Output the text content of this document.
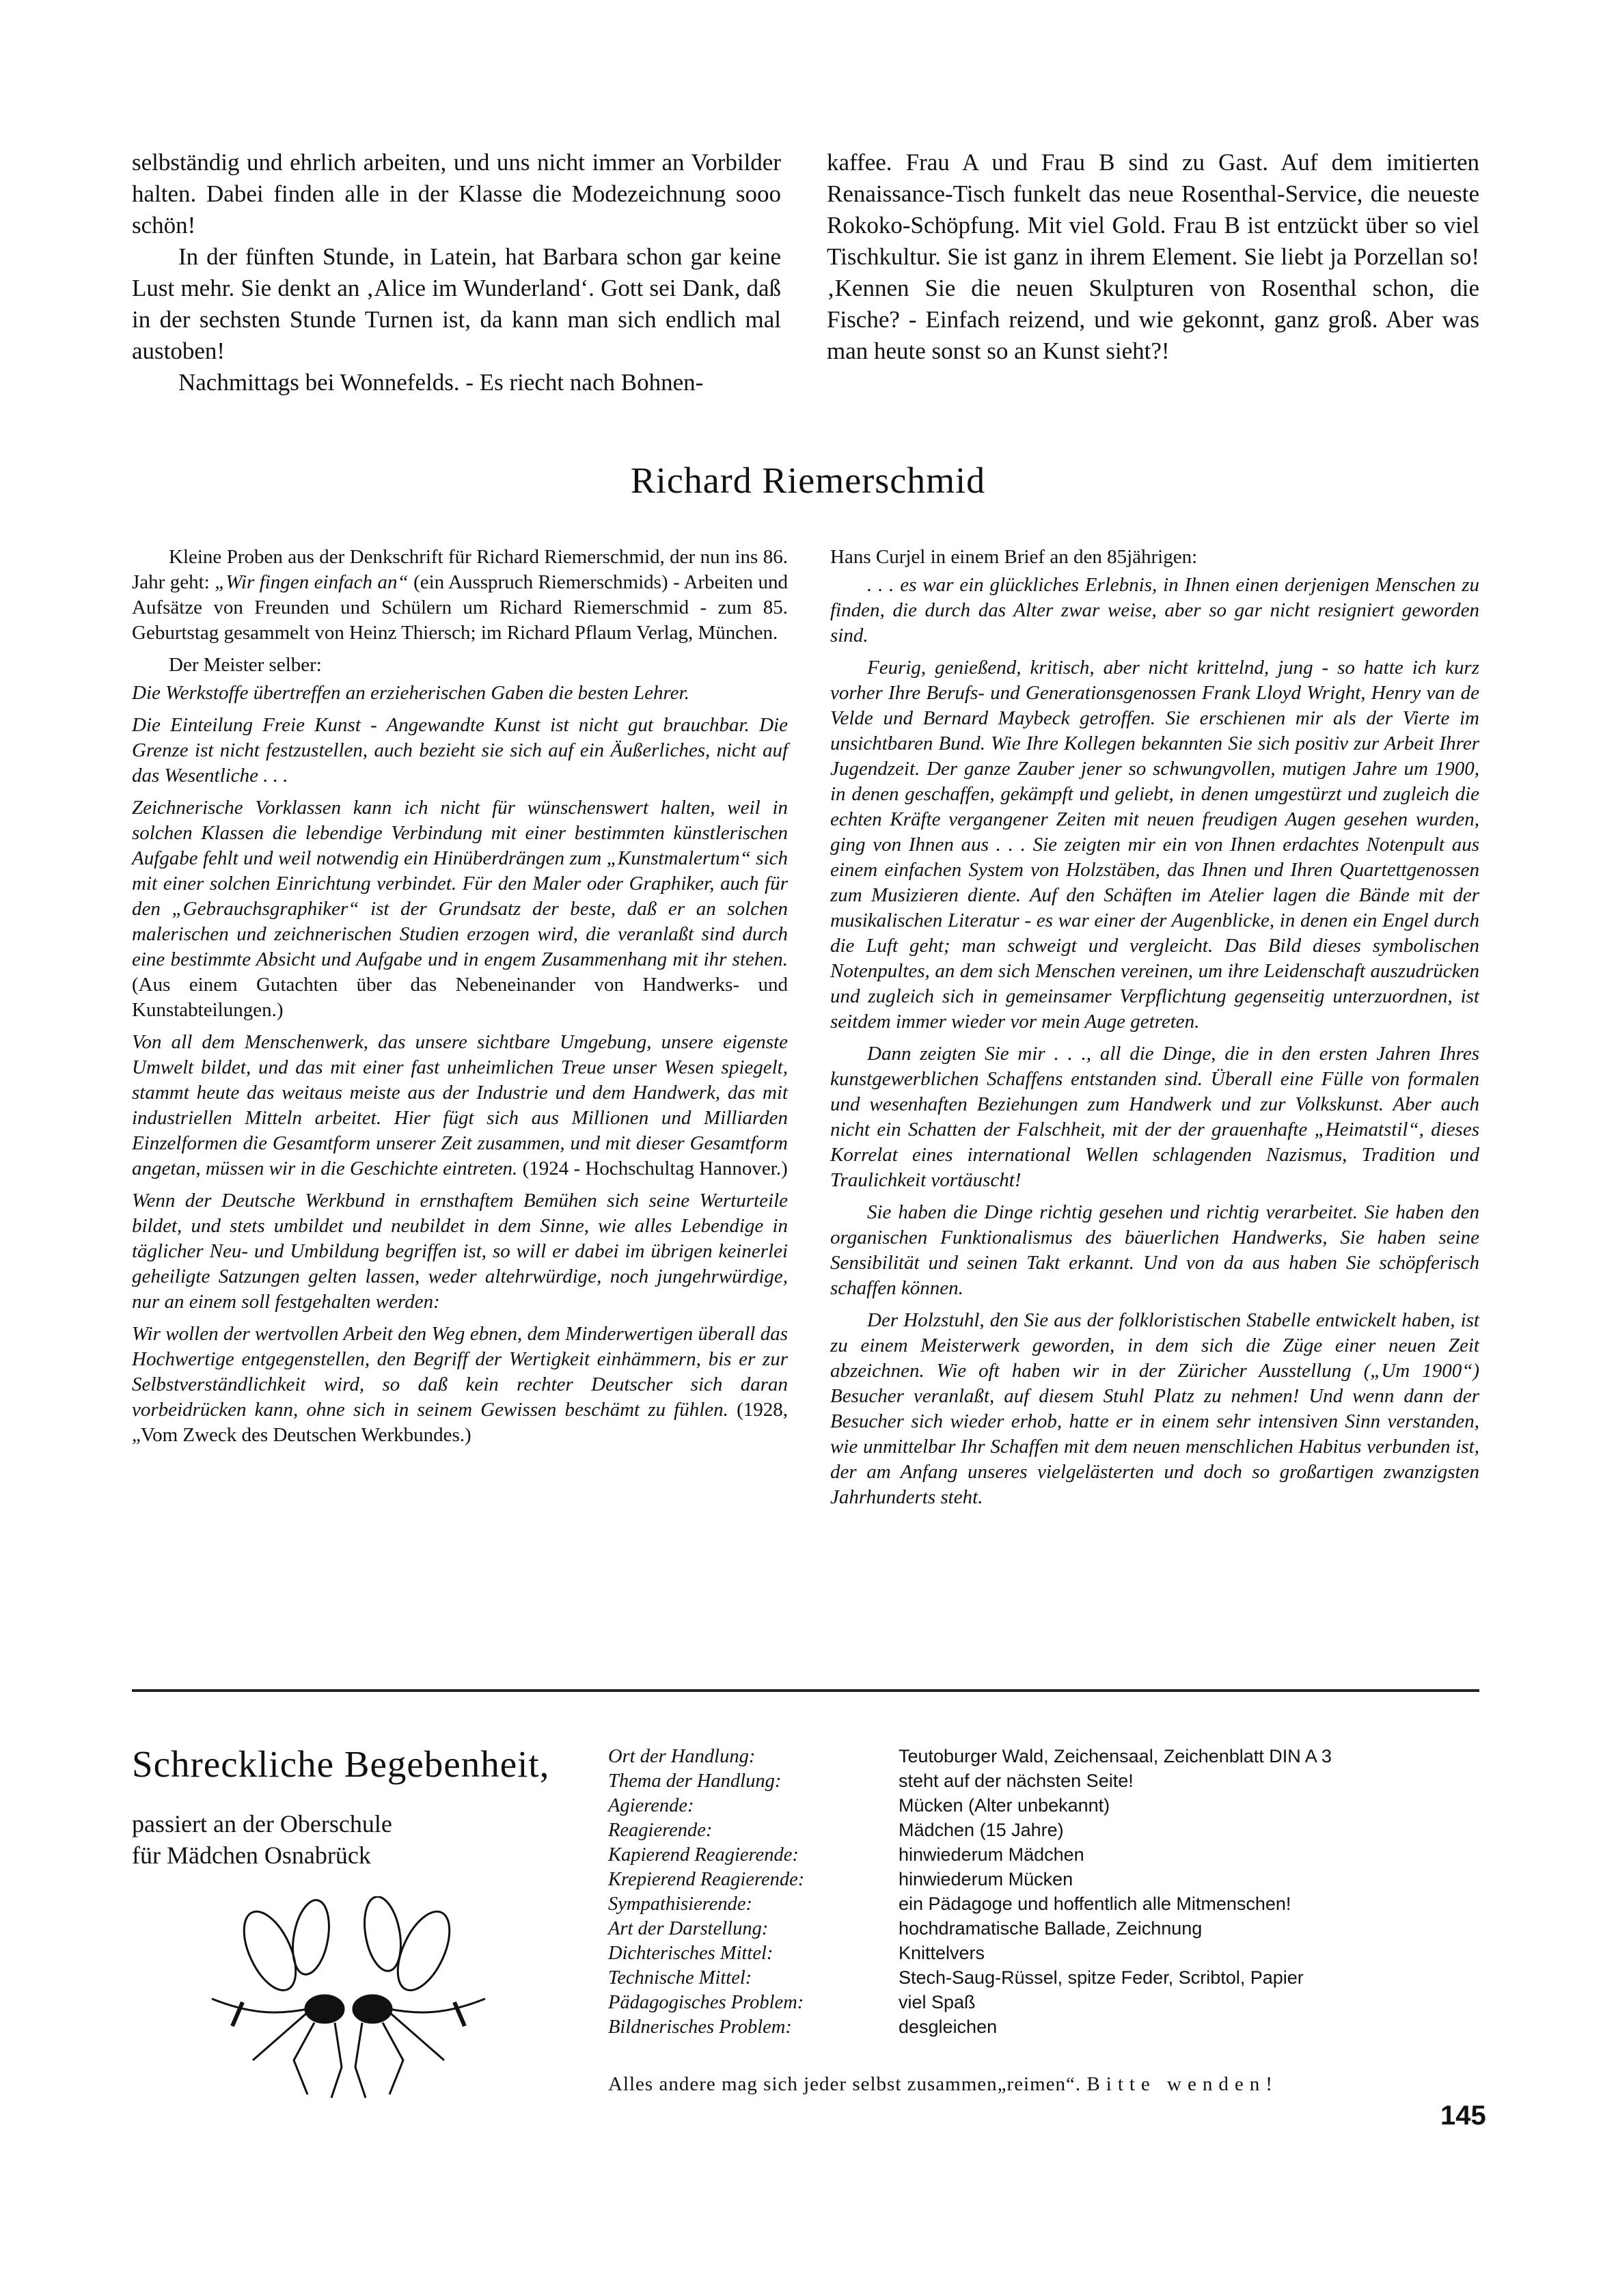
selbständig und ehrlich arbeiten, und uns nicht immer an Vorbilder halten. Dabei finden alle in der Klasse die Modezeichnung sooo schön!

In der fünften Stunde, in Latein, hat Barbara schon gar keine Lust mehr. Sie denkt an ‚Alice im Wunderland‘. Gott sei Dank, daß in der sechsten Stunde Turnen ist, da kann man sich endlich mal austoben!

Nachmittags bei Wonnefelds. - Es riecht nach Bohnen-

kaffee. Frau A und Frau B sind zu Gast. Auf dem imitierten Renaissance-Tisch funkelt das neue Rosenthal-Service, die neueste Rokoko-Schöpfung. Mit viel Gold. Frau B ist entzückt über so viel Tischkultur. Sie ist ganz in ihrem Element. Sie liebt ja Porzellan so! ‚Kennen Sie die neuen Skulpturen von Rosenthal schon, die Fische? - Einfach reizend, und wie gekonnt, ganz groß. Aber was man heute sonst so an Kunst sieht?!

Richard Riemerschmid

Kleine Proben aus der Denkschrift für Richard Riemerschmid, der nun ins 86. Jahr geht: „Wir fingen einfach an“ (ein Ausspruch Riemerschmids) - Arbeiten und Aufsätze von Freunden und Schülern um Richard Riemerschmid - zum 85. Geburtstag gesammelt von Heinz Thiersch; im Richard Pflaum Verlag, München.

Der Meister selber:

Die Werkstoffe übertreffen an erzieherischen Gaben die besten Lehrer.

Die Einteilung Freie Kunst - Angewandte Kunst ist nicht gut brauchbar. Die Grenze ist nicht festzustellen, auch bezieht sie sich auf ein Äußerliches, nicht auf das Wesentliche . . .

Zeichnerische Vorklassen kann ich nicht für wünschenswert halten, weil in solchen Klassen die lebendige Verbindung mit einer bestimmten künstlerischen Aufgabe fehlt und weil notwendig ein Hinüberdrängen zum „Kunstmalertum“ sich mit einer solchen Einrichtung verbindet. Für den Maler oder Graphiker, auch für den „Gebrauchsgraphiker“ ist der Grundsatz der beste, daß er an solchen malerischen und zeichnerischen Studien erzogen wird, die veranlaßt sind durch eine bestimmte Absicht und Aufgabe und in engem Zusammenhang mit ihr stehen. (Aus einem Gutachten über das Nebeneinander von Handwerks- und Kunstabteilungen.)

Von all dem Menschenwerk, das unsere sichtbare Umgebung, unsere eigenste Umwelt bildet, und das mit einer fast unheimlichen Treue unser Wesen spiegelt, stammt heute das weitaus meiste aus der Industrie und dem Handwerk, das mit industriellen Mitteln arbeitet. Hier fügt sich aus Millionen und Milliarden Einzelformen die Gesamtform unserer Zeit zusammen, und mit dieser Gesamtform angetan, müssen wir in die Geschichte eintreten. (1924 - Hochschultag Hannover.)

Wenn der Deutsche Werkbund in ernsthaftem Bemühen sich seine Werturteile bildet, und stets umbildet und neubildet in dem Sinne, wie alles Lebendige in täglicher Neu- und Umbildung begriffen ist, so will er dabei im übrigen keinerlei geheiligte Satzungen gelten lassen, weder altehrwürdige, noch jungehrwürdige, nur an einem soll festgehalten werden:

Wir wollen der wertvollen Arbeit den Weg ebnen, dem Minderwertigen überall das Hochwertige entgegenstellen, den Begriff der Wertigkeit einhämmern, bis er zur Selbstverständlichkeit wird, so daß kein rechter Deutscher sich daran vorbeidrücken kann, ohne sich in seinem Gewissen beschämt zu fühlen. (1928, „Vom Zweck des Deutschen Werkbundes.)

Hans Curjel in einem Brief an den 85jährigen:

. . . es war ein glückliches Erlebnis, in Ihnen einen derjenigen Menschen zu finden, die durch das Alter zwar weise, aber so gar nicht resigniert geworden sind.

Feurig, genießend, kritisch, aber nicht krittelnd, jung - so hatte ich kurz vorher Ihre Berufs- und Generationsgenossen Frank Lloyd Wright, Henry van de Velde und Bernard Maybeck getroffen. Sie erschienen mir als der Vierte im unsichtbaren Bund. Wie Ihre Kollegen bekannten Sie sich positiv zur Arbeit Ihrer Jugendzeit. Der ganze Zauber jener so schwungvollen, mutigen Jahre um 1900, in denen geschaffen, gekämpft und geliebt, in denen umgestürzt und zugleich die echten Kräfte vergangener Zeiten mit neuen freudigen Augen gesehen wurden, ging von Ihnen aus . . . Sie zeigten mir ein von Ihnen erdachtes Notenpult aus einem einfachen System von Holzstäben, das Ihnen und Ihren Quartettgenossen zum Musizieren diente. Auf den Schäften im Atelier lagen die Bände mit der musikalischen Literatur - es war einer der Augenblicke, in denen ein Engel durch die Luft geht; man schweigt und vergleicht. Das Bild dieses symbolischen Notenpultes, an dem sich Menschen vereinen, um ihre Leidenschaft auszudrücken und zugleich sich in gemeinsamer Verpflichtung gegenseitig unterzuordnen, ist seitdem immer wieder vor mein Auge getreten.

Dann zeigten Sie mir . . ., all die Dinge, die in den ersten Jahren Ihres kunstgewerblichen Schaffens entstanden sind. Überall eine Fülle von formalen und wesenhaften Beziehungen zum Handwerk und zur Volkskunst. Aber auch nicht ein Schatten der Falschheit, mit der der grauenhafte „Heimatstil“, dieses Korrelat eines international Wellen schlagenden Nazismus, Tradition und Traulichkeit vortäuscht!

Sie haben die Dinge richtig gesehen und richtig verarbeitet. Sie haben den organischen Funktionalismus des bäuerlichen Handwerks, Sie haben seine Sensibilität und seinen Takt erkannt. Und von da aus haben Sie schöpferisch schaffen können.

Der Holzstuhl, den Sie aus der folkloristischen Stabelle entwickelt haben, ist zu einem Meisterwerk geworden, in dem sich die Züge einer neuen Zeit abzeichnen. Wie oft haben wir in der Züricher Ausstellung („Um 1900“) Besucher veranlaßt, auf diesem Stuhl Platz zu nehmen! Und wenn dann der Besucher sich wieder erhob, hatte er in einem sehr intensiven Sinn verstanden, wie unmittelbar Ihr Schaffen mit dem neuen menschlichen Habitus verbunden ist, der am Anfang unseres vielgelästerten und doch so großartigen zwanzigsten Jahrhunderts steht.

Schreckliche Begebenheit,
passiert an der Oberschule
für Mädchen Osnabrück
Ort der Handlung:	Teutoburger Wald, Zeichensaal, Zeichenblatt DIN A 3
Thema der Handlung:	steht auf der nächsten Seite!
Agierende:	Mücken (Alter unbekannt)
Reagierende:	Mädchen (15 Jahre)
Kapierend Reagierende:	hinwiederum Mädchen
Krepierend Reagierende:	hinwiederum Mücken
Sympathisierende:	ein Pädagoge und hoffentlich alle Mitmenschen!
Art der Darstellung:	hochdramatische Ballade, Zeichnung
Dichterisches Mittel:	Knittelvers
Technische Mittel:	Stech-Saug-Rüssel, spitze Feder, Scribtol, Papier
Pädagogisches Problem:	viel Spaß
Bildnerisches Problem:	desgleichen
Alles andere mag sich jeder selbst zusammen„reimen“. Bitte wenden!
145
